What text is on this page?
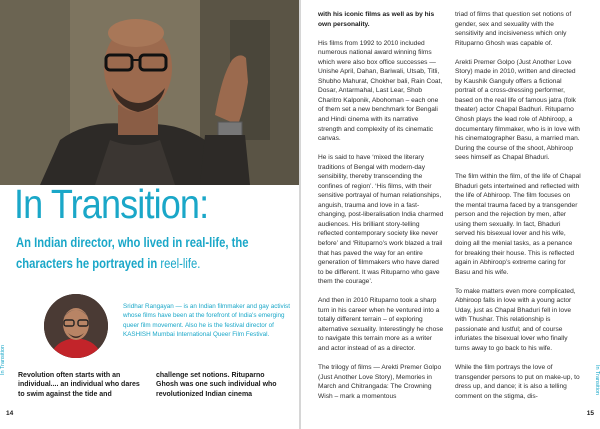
In Transition:
An Indian director, who lived in real-life, the characters he portrayed in reel-life.
Sridhar Rangayan — is an Indian filmmaker and gay activist whose films have been at the forefront of India's emerging queer film movement. Also he is the festival director of KASHISH Mumbai International Queer Film Festival.
In Transition
14
Revolution often starts with an individual.... an individual who dares to swim against the tide and
challenge set notions. Rituparno Ghosh was one such individual who revolutionized Indian cinema

with his iconic films as well as by his own personality.

His films from 1992 to 2010 included numerous national award winning films which were also box office successes — Unishe April, Dahan, Bariwali, Utsab, Titli, Shubho Mahurat, Chokher bali, Rain Coat, Dosar, Antarmahal, Last Lear, Shob Charitro Kalponik, Abohoman – each one of them set a new benchmark for Bengali and Hindi cinema with its narrative strength and complexity of its cinematic canvas.

He is said to have ‘mixed the literary traditions of Bengal with modern-day sensibility, thereby transcending the confines of region’. ‘His films, with their sensitive portrayal of human relationships, anguish, trauma and love in a fast-changing, post-liberalisation India charmed audiences. His brilliant story-telling reflected contemporary society like never before’ and ‘Rituparno’s work blazed a trail that has paved the way for an entire generation of filmmakers who have dared to be different. It was Rituparno who gave them the courage’.

And then in 2010 Rituparno took a sharp turn in his career when he ventured into a totally different terrain – of exploring alternative sexuality. Interestingly he chose to navigate this terrain more as a writer and actor instead of as a director.

The trilogy of films — Arekti Premer Golpo (Just Another Love Story), Memories in March and Chitrangada: The Crowning Wish – mark a momentous

triad of films that question set notions of gender, sex and sexuality with the sensitivity and incisiveness which only Rituparno Ghosh was capable of.

Arekti Premer Golpo (Just Another Love Story) made in 2010, written and directed by Kaushik Ganguly offers a fictional portrait of a cross-dressing performer, based on the real life of famous jatra (folk theater) actor Chapal Badhuri. Rituparno Ghosh plays the lead role of Abhiroop, a documentary filmmaker, who is in love with his cinematographer Basu, a married man. During the course of the shoot, Abhiroop sees himself as Chapal Bhaduri.

The film within the film, of the life of Chapal Bhaduri gets intertwined and reflected with the life of Abhiroop. The film focuses on the mental trauma faced by a transgender person and the rejection by men, after using them sexually. In fact, Bhaduri served his bisexual lover and his wife, doing all the menial tasks, as a penance for breaking their house. This is reflected again in Abhiroop’s extreme caring for Basu and his wife.

To make matters even more complicated, Abhiroop falls in love with a young actor Uday, just as Chapal Bhaduri fell in love with Thushar. This relationship is passionate and lustful; and of course infuriates the bisexual lover who finally turns away to go back to his wife.

While the film portrays the love of transgender persons to put on make-up, to dress up, and dance; it is also a telling comment on the stigma, dis-

In Transition
15
